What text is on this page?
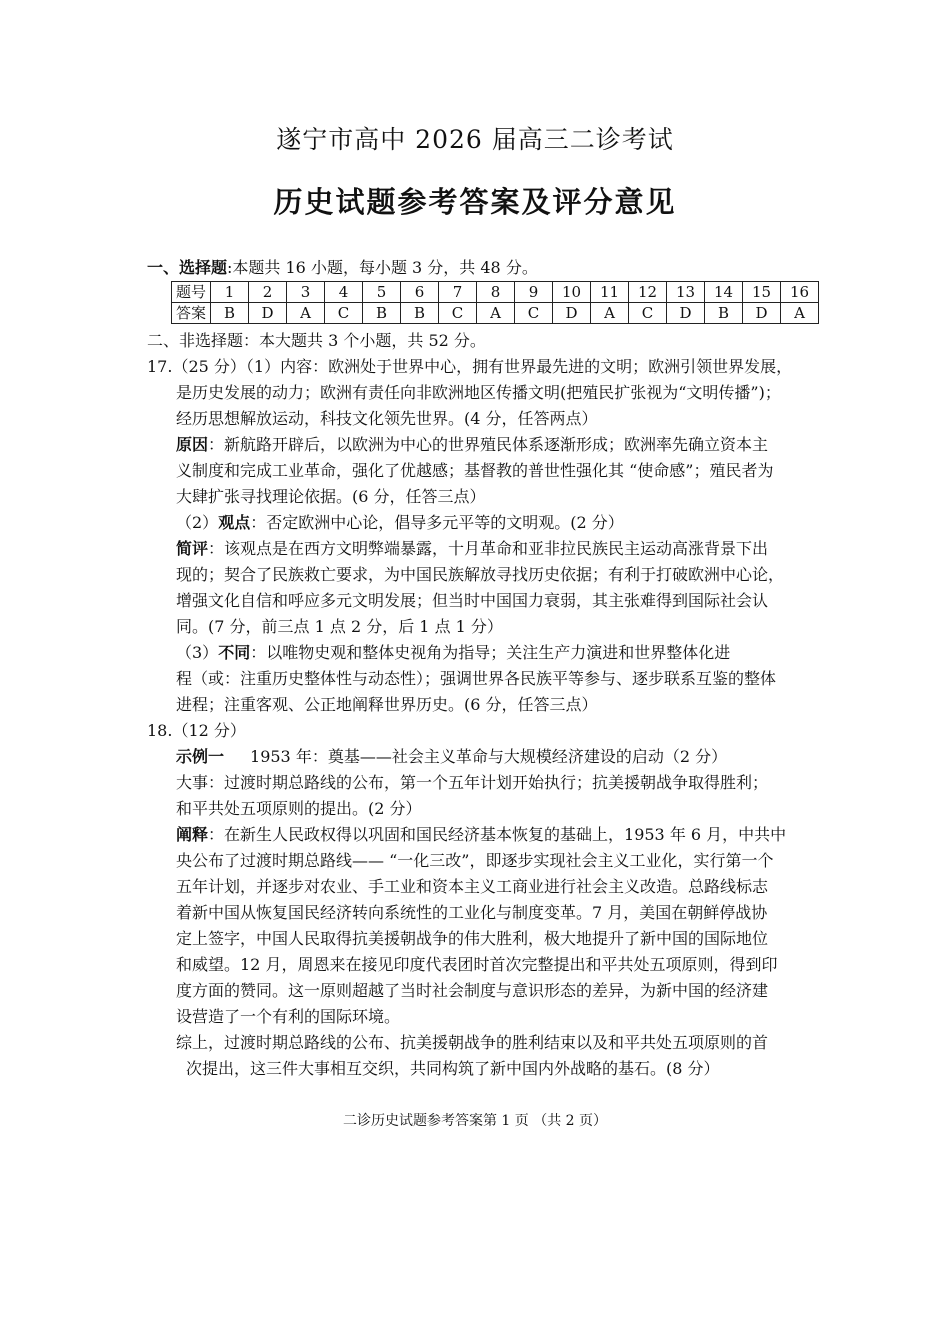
遂宁市高中 2026 届高三二诊考试
历史试题参考答案及评分意见
一、选择题:本题共 16 小题，每小题 3 分，共 48 分。
题号	1	2	3	4	5	6	7	8	9	10	11	12	13	14	15	16
答案	B	D	A	C	B	B	C	A	C	D	A	C	D	B	D	A
二、非选择题：本大题共 3 个小题，共 52 分。
17.（25 分）（1）内容：欧洲处于世界中心，拥有世界最先进的文明；欧洲引领世界发展，
是历史发展的动力；欧洲有责任向非欧洲地区传播文明(把殖民扩张视为“文明传播”)；
经历思想解放运动，科技文化领先世界。(4 分，任答两点）
原因：新航路开辟后，以欧洲为中心的世界殖民体系逐渐形成；欧洲率先确立资本主
义制度和完成工业革命，强化了优越感；基督教的普世性强化其 “使命感”；殖民者为
大肆扩张寻找理论依据。(6 分，任答三点）
（2）观点：否定欧洲中心论，倡导多元平等的文明观。(2 分）
简评：该观点是在西方文明弊端暴露，十月革命和亚非拉民族民主运动高涨背景下出
现的；契合了民族救亡要求，为中国民族解放寻找历史依据；有利于打破欧洲中心论，
增强文化自信和呼应多元文明发展；但当时中国国力衰弱，其主张难得到国际社会认
同。(7 分，前三点 1 点 2 分，后 1 点 1 分）
（3）不同：以唯物史观和整体史视角为指导；关注生产力演进和世界整体化进
程（或：注重历史整体性与动态性）；强调世界各民族平等参与、逐步联系互鉴的整体
进程；注重客观、公正地阐释世界历史。(6 分，任答三点）
18.（12 分）
示例一 1953 年：奠基——社会主义革命与大规模经济建设的启动（2 分）
大事：过渡时期总路线的公布，第一个五年计划开始执行；抗美援朝战争取得胜利；
和平共处五项原则的提出。(2 分）
阐释：在新生人民政权得以巩固和国民经济基本恢复的基础上，1953 年 6 月，中共中
央公布了过渡时期总路线—— “一化三改”，即逐步实现社会主义工业化，实行第一个
五年计划，并逐步对农业、手工业和资本主义工商业进行社会主义改造。总路线标志
着新中国从恢复国民经济转向系统性的工业化与制度变革。7 月，美国在朝鲜停战协
定上签字，中国人民取得抗美援朝战争的伟大胜利，极大地提升了新中国的国际地位
和威望。12 月，周恩来在接见印度代表团时首次完整提出和平共处五项原则，得到印
度方面的赞同。这一原则超越了当时社会制度与意识形态的差异，为新中国的经济建
设营造了一个有利的国际环境。
综上，过渡时期总路线的公布、抗美援朝战争的胜利结束以及和平共处五项原则的首
次提出，这三件大事相互交织，共同构筑了新中国内外战略的基石。(8 分）
二诊历史试题参考答案第 1 页 （共 2 页）
